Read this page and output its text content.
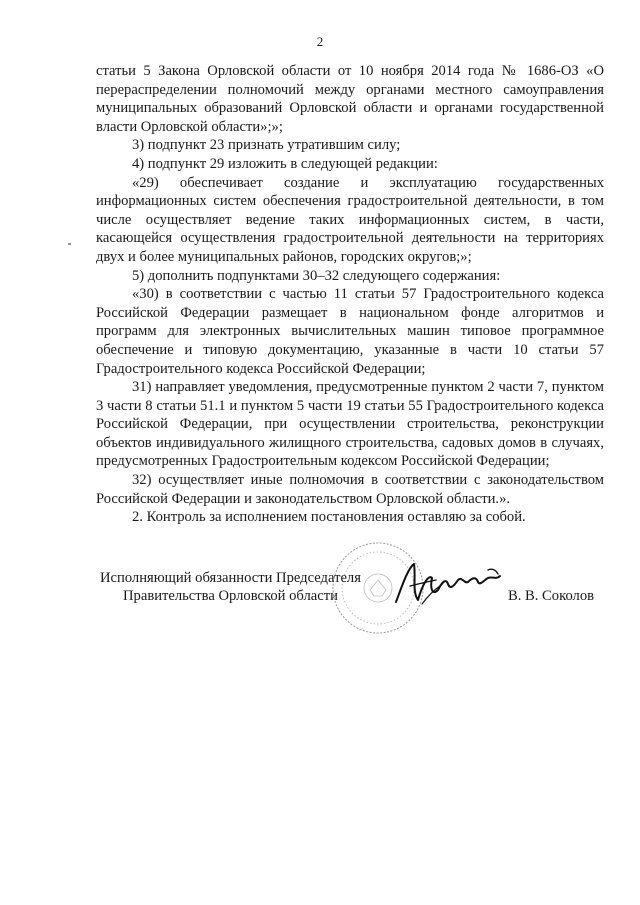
2

статьи 5 Закона Орловской области от 10 ноября 2014 года № 1686-ОЗ «О перераспределении полномочий между органами местного самоуправления муниципальных образований Орловской области и органами государственной власти Орловской области»;»;

3) подпункт 23 признать утратившим силу;

4) подпункт 29 изложить в следующей редакции:

«29) обеспечивает создание и эксплуатацию государственных информационных систем обеспечения градостроительной деятельности, в том числе осуществляет ведение таких информационных систем, в части, касающейся осуществления градостроительной деятельности на территориях двух и более муниципальных районов, городских округов;»;

5) дополнить подпунктами 30–32 следующего содержания:

«30) в соответствии с частью 11 статьи 57 Градостроительного кодекса Российской Федерации размещает в национальном фонде алгоритмов и программ для электронных вычислительных машин типовое программное обеспечение и типовую документацию, указанные в части 10 статьи 57 Градостроительного кодекса Российской Федерации;

31) направляет уведомления, предусмотренные пунктом 2 части 7, пунктом 3 части 8 статьи 51.1 и пунктом 5 части 19 статьи 55 Градостроительного кодекса Российской Федерации, при осуществлении строительства, реконструкции объектов индивидуального жилищного строительства, садовых домов в случаях, предусмотренных Градостроительным кодексом Российской Федерации;

32) осуществляет иные полномочия в соответствии с законодательством Российской Федерации и законодательством Орловской области.».

2. Контроль за исполнением постановления оставляю за собой.

Исполняющий обязанности Председателя
Правительства Орловской области	В. В. Соколов
